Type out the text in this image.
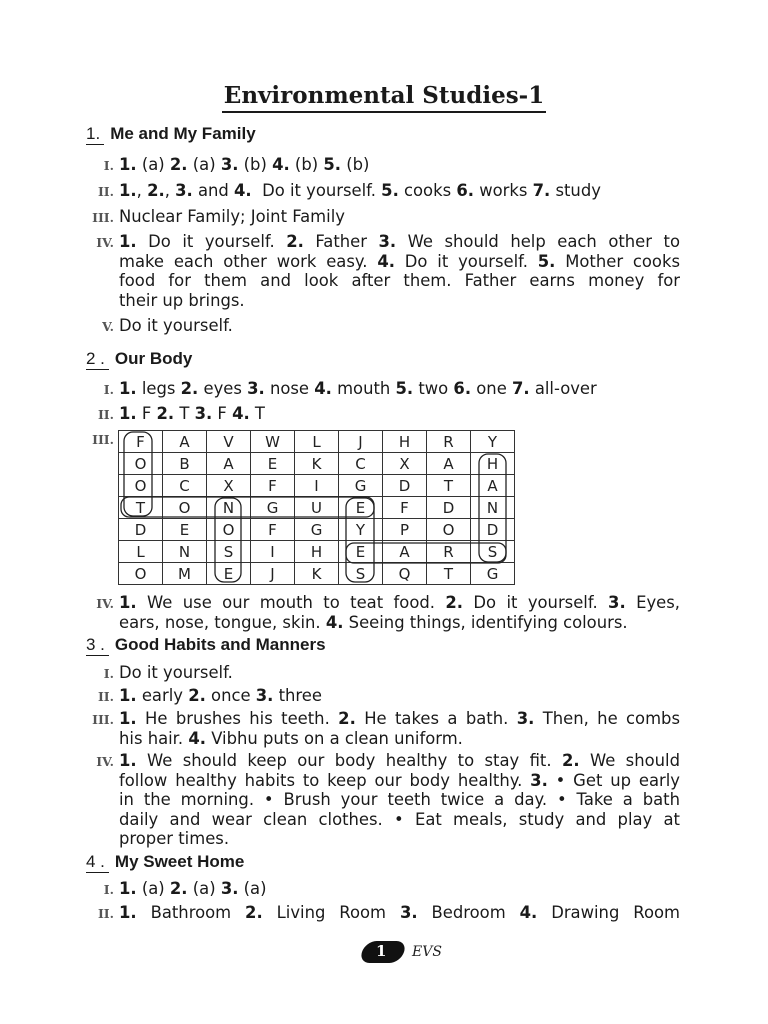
Environmental Studies-1
1. Me and My Family
I. 1. (a) 2. (a) 3. (b) 4. (b) 5. (b)
II. 1., 2., 3. and 4.  Do it yourself. 5. cooks 6. works 7. study
III. Nuclear Family; Joint Family
IV. 1. Do it yourself. 2. Father 3. We should help each other to
make each other work easy. 4. Do it yourself. 5. Mother cooks
food for them and look after them. Father earns money for
their up brings.
V. Do it yourself.
2 . Our Body
I. 1. legs 2. eyes 3. nose 4. mouth 5. two 6. one 7. all-over
II. 1. F 2. T 3. F 4. T
III. F	A	V	W	L	J	H	R	Y
O	B	A	E	K	C	X	A	H
O	C	X	F	I	G	D	T	A
T	O	N	G	U	E	F	D	N
D	E	O	F	G	Y	P	O	D
L	N	S	I	H	E	A	R	S
O	M	E	J	K	S	Q	T	G
IV. 1. We use our mouth to teat food. 2. Do it yourself. 3. Eyes,
ears, nose, tongue, skin. 4. Seeing things, identifying colours.
3 . Good Habits and Manners
I. Do it yourself.
II. 1. early 2. once 3. three
III. 1. He brushes his teeth. 2. He takes a bath. 3. Then, he combs
his hair. 4. Vibhu puts on a clean uniform.
IV. 1. We should keep our body healthy to stay fit. 2. We should
follow healthy habits to keep our body healthy. 3. • Get up early
in the morning. • Brush your teeth twice a day. • Take a bath
daily and wear clean clothes. • Eat meals, study and play at
proper times.
4 . My Sweet Home
I. 1. (a) 2. (a) 3. (a)
II. 1. Bathroom 2. Living Room 3. Bedroom 4. Drawing Room
1 EVS
